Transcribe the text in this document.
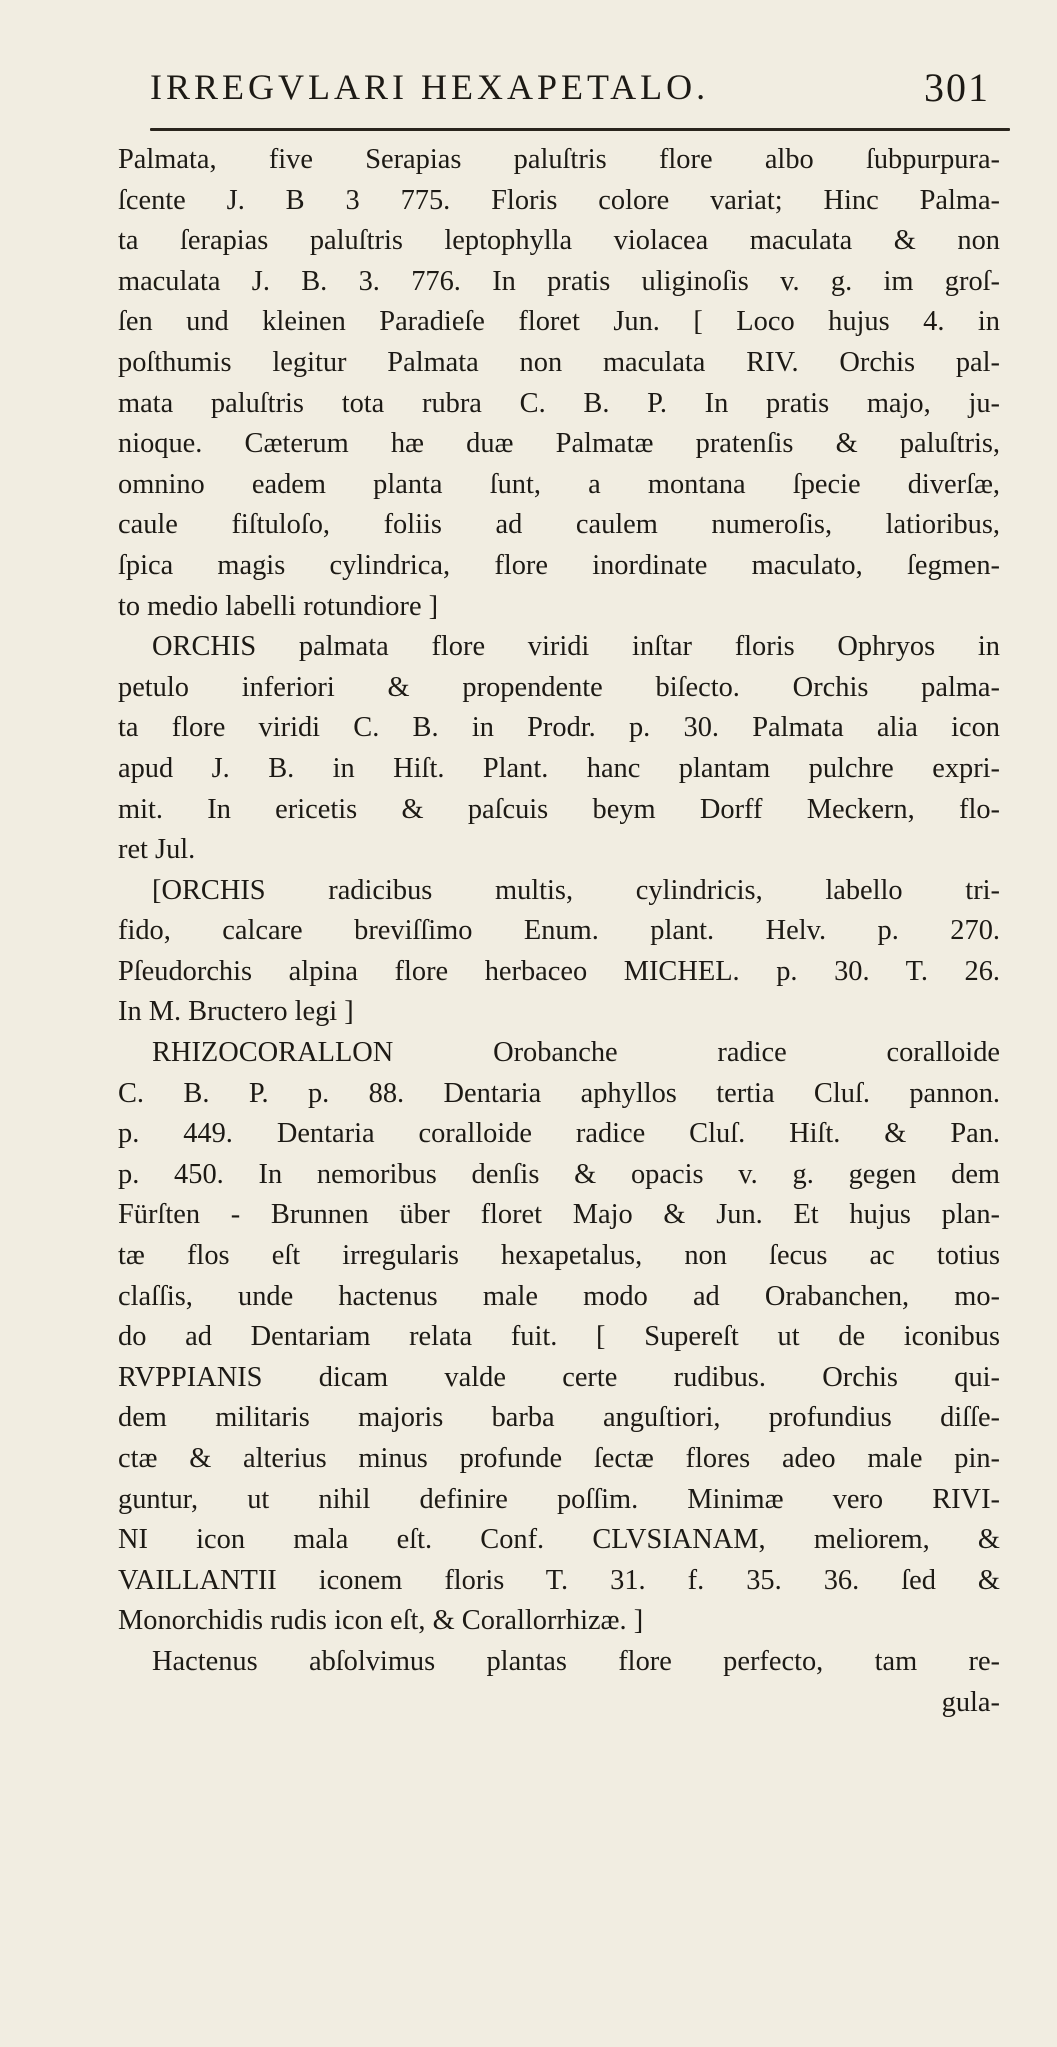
IRREGVLARI HEXAPETALO.	301
Palmata, five Serapias paluſtris flore albo ſubpurpura-
ſcente J. B 3 775. Floris colore variat; Hinc Palma-
ta ſerapias paluſtris leptophylla violacea maculata & non
maculata J. B. 3. 776. In pratis uliginoſis v. g. im groſ-
ſen und kleinen Paradieſe floret Jun. [ Loco hujus 4. in
poſthumis legitur Palmata non maculata RIV. Orchis pal-
mata paluſtris tota rubra C. B. P. In pratis majo, ju-
nioque. Cæterum hæ duæ Palmatæ pratenſis & paluſtris,
omnino eadem planta ſunt, a montana ſpecie diverſæ,
caule fiſtuloſo, foliis ad caulem numeroſis, latioribus,
ſpica magis cylindrica, flore inordinate maculato, ſegmen-
to medio labelli rotundiore ]
ORCHIS palmata flore viridi inſtar floris Ophryos in
petulo inferiori & propendente biſecto. Orchis palma-
ta flore viridi C. B. in Prodr. p. 30. Palmata alia icon
apud J. B. in Hiſt. Plant. hanc plantam pulchre expri-
mit. In ericetis & paſcuis beym Dorff Meckern, flo-
ret Jul.
[ORCHIS radicibus multis, cylindricis, labello tri-
fido, calcare breviſſimo Enum. plant. Helv. p. 270.
Pſeudorchis alpina flore herbaceo MICHEL. p. 30. T. 26.
In M. Bructero legi ]
RHIZOCORALLON Orobanche radice coralloide
C. B. P. p. 88. Dentaria aphyllos tertia Cluſ. pannon.
p. 449. Dentaria coralloide radice Cluſ. Hiſt. & Pan.
p. 450. In nemoribus denſis & opacis v. g. gegen dem
Fürſten - Brunnen über floret Majo & Jun. Et hujus plan-
tæ flos eſt irregularis hexapetalus, non ſecus ac totius
claſſis, unde hactenus male modo ad Orabanchen, mo-
do ad Dentariam relata fuit. [ Supereſt ut de iconibus
RVPPIANIS dicam valde certe rudibus. Orchis qui-
dem militaris majoris barba anguſtiori, profundius diſſe-
ctæ & alterius minus profunde ſectæ flores adeo male pin-
guntur, ut nihil definire poſſim. Minimæ vero RIVI-
NI icon mala eſt. Conf. CLVSIANAM, meliorem, &
VAILLANTII iconem floris T. 31. f. 35. 36. ſed &
Monorchidis rudis icon eſt, & Corallorrhizæ. ]
Hactenus abſolvimus plantas flore perfecto, tam re-
gula-
